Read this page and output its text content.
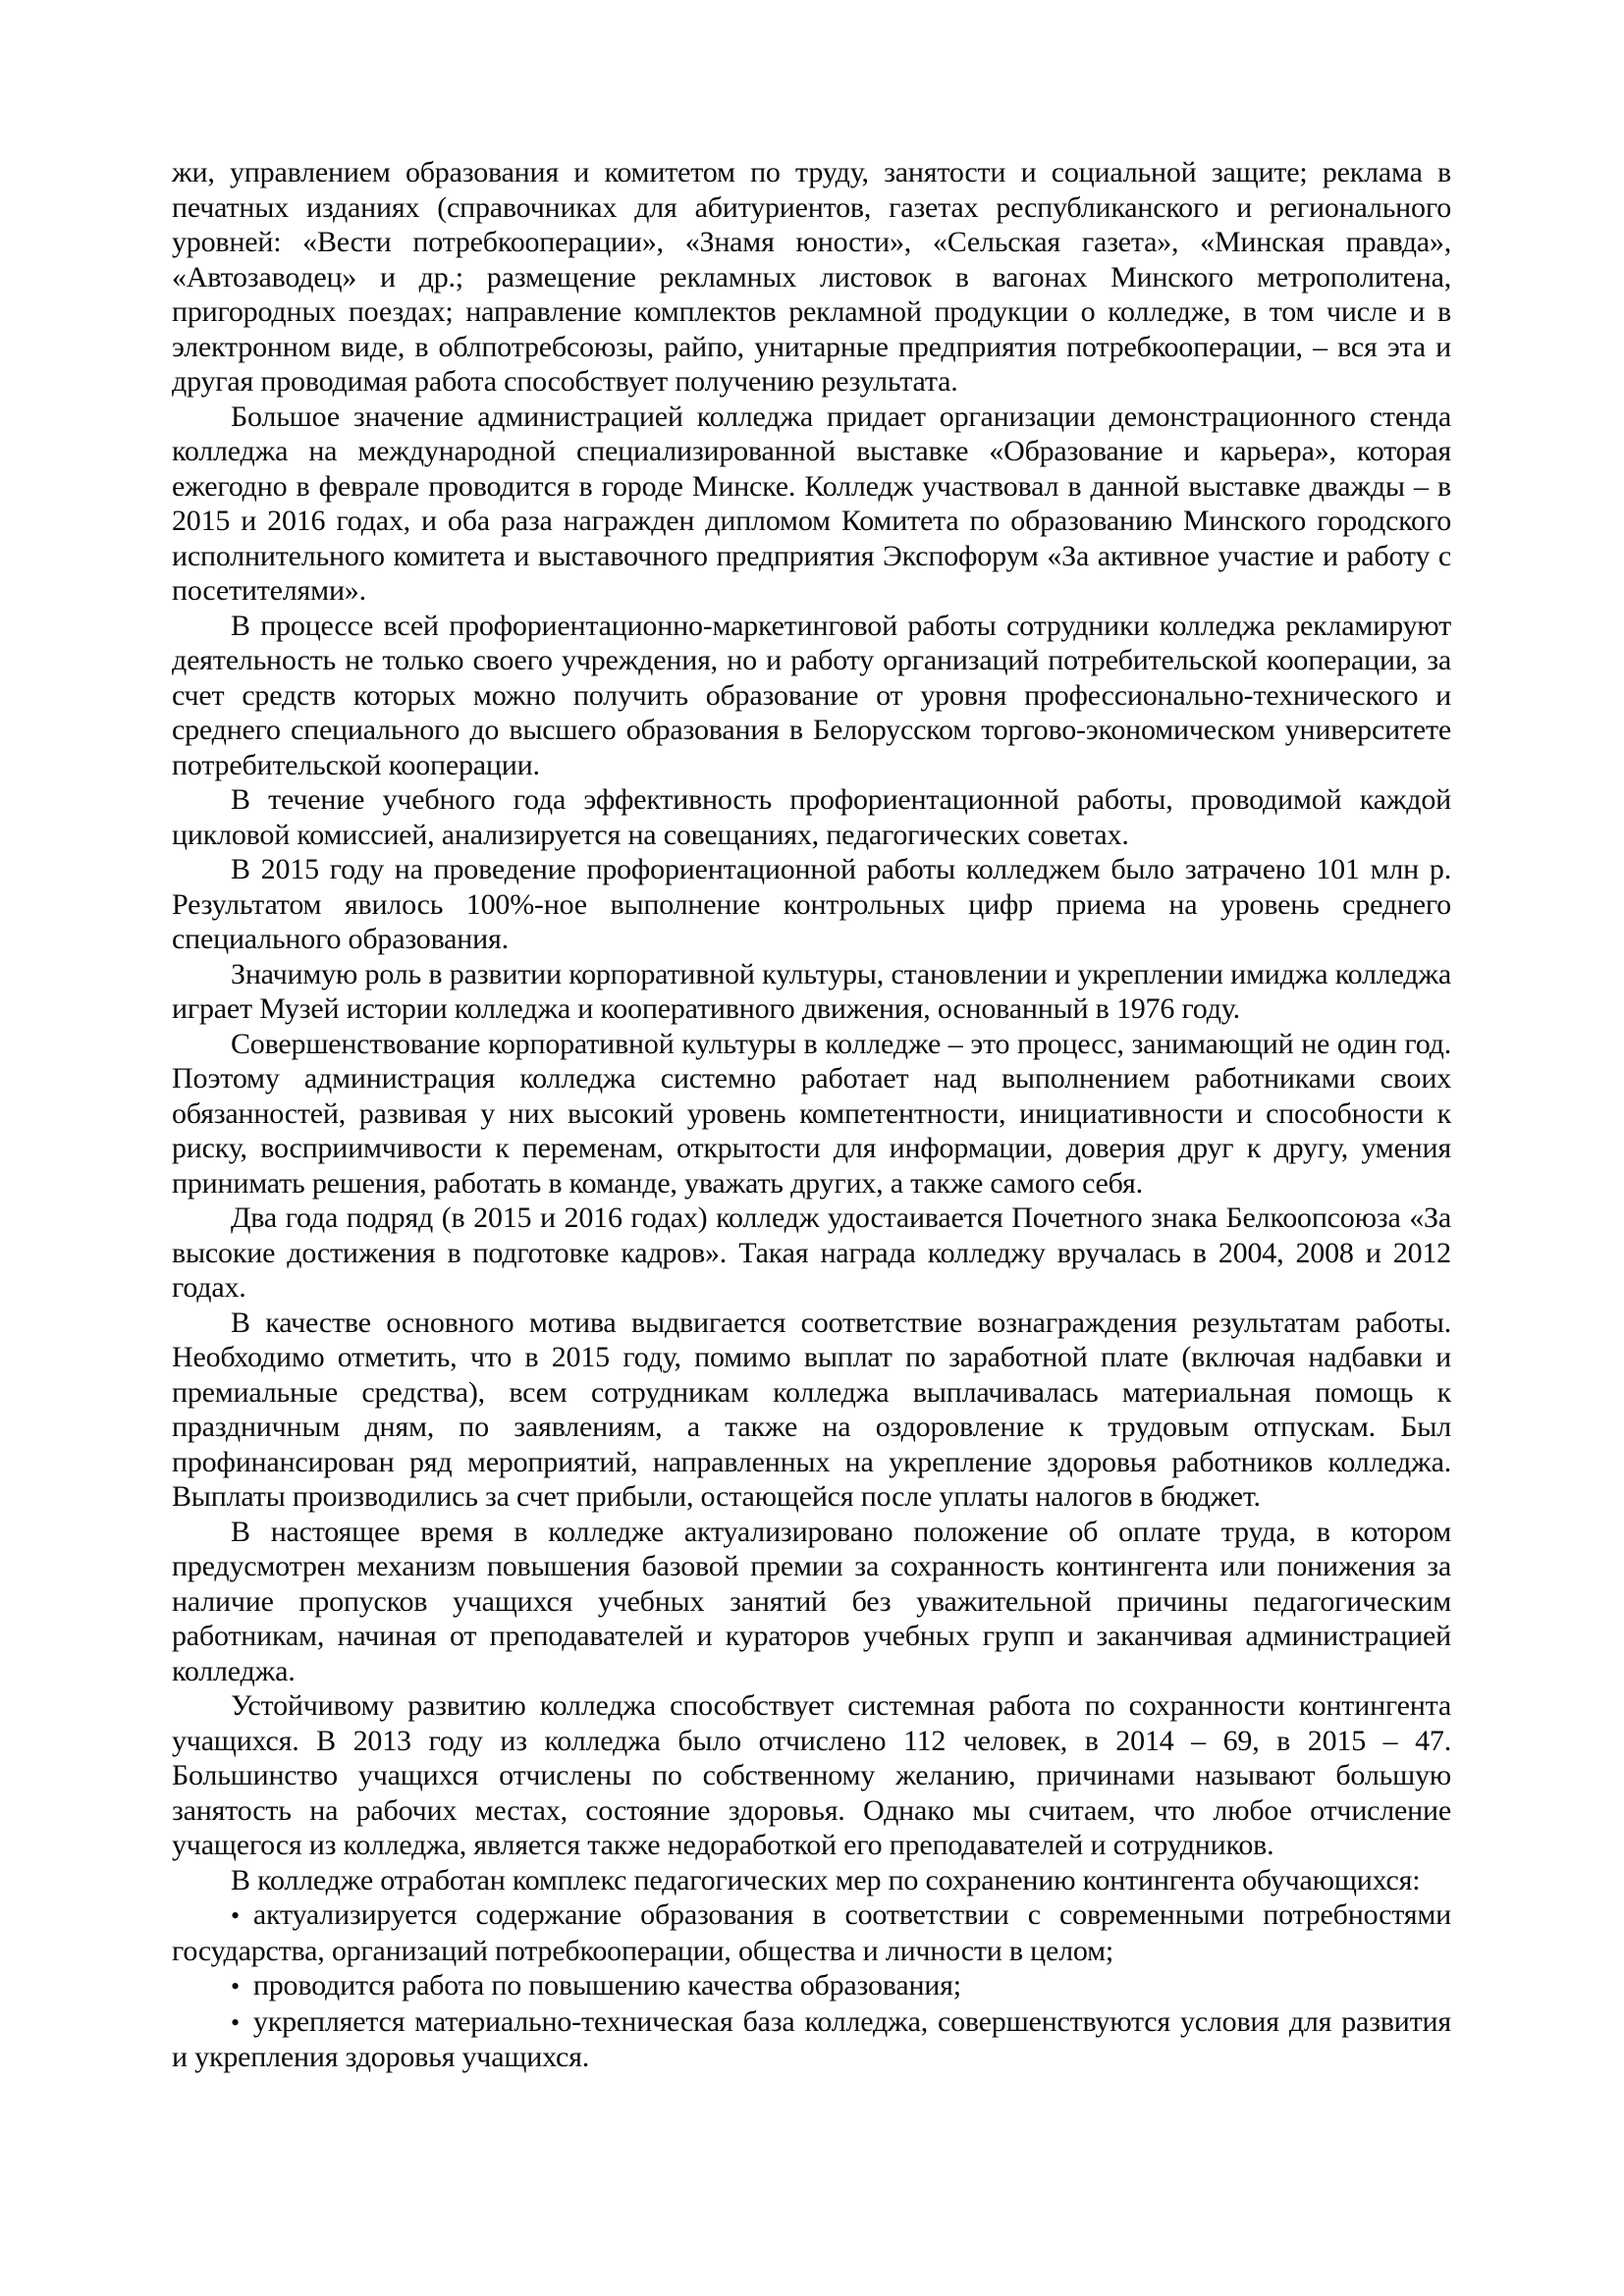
жи, управлением образования и комитетом по труду, занятости и социальной защите; реклама в печатных изданиях (справочниках для абитуриентов, газетах республиканского и регионального уровней: «Вести потребкооперации», «Знамя юности», «Сельская газета», «Минская правда», «Автозаводец» и др.; размещение рекламных листовок в вагонах Минского метрополитена, пригородных поездах; направление комплектов рекламной продукции о колледже, в том числе и в электронном виде, в облпотребсоюзы, райпо, унитарные предприятия потребкооперации, – вся эта и другая проводимая работа способствует получению результата.

Большое значение администрацией колледжа придает организации демонстрационного стенда колледжа на международной специализированной выставке «Образование и карьера», которая ежегодно в феврале проводится в городе Минске. Колледж участвовал в данной выставке дважды – в 2015 и 2016 годах, и оба раза награжден дипломом Комитета по образованию Минского городского исполнительного комитета и выставочного предприятия Экспофорум «За активное участие и работу с посетителями».

В процессе всей профориентационно-маркетинговой работы сотрудники колледжа рекламируют деятельность не только своего учреждения, но и работу организаций потребительской кооперации, за счет средств которых можно получить образование от уровня профессионально-технического и среднего специального до высшего образования в Белорусском торгово-экономическом университете потребительской кооперации.

В течение учебного года эффективность профориентационной работы, проводимой каждой цикловой комиссией, анализируется на совещаниях, педагогических советах.

В 2015 году на проведение профориентационной работы колледжем было затрачено 101 млн р. Результатом явилось 100%-ное выполнение контрольных цифр приема на уровень среднего специального образования.

Значимую роль в развитии корпоративной культуры, становлении и укреплении имиджа колледжа играет Музей истории колледжа и кооперативного движения, основанный в 1976 году.

Совершенствование корпоративной культуры в колледже – это процесс, занимающий не один год. Поэтому администрация колледжа системно работает над выполнением работниками своих обязанностей, развивая у них высокий уровень компетентности, инициативности и способности к риску, восприимчивости к переменам, открытости для информации, доверия друг к другу, умения принимать решения, работать в команде, уважать других, а также самого себя.

Два года подряд (в 2015 и 2016 годах) колледж удостаивается Почетного знака Белкоопсоюза «За высокие достижения в подготовке кадров». Такая награда колледжу вручалась в 2004, 2008 и 2012 годах.

В качестве основного мотива выдвигается соответствие вознаграждения результатам работы. Необходимо отметить, что в 2015 году, помимо выплат по заработной плате (включая надбавки и премиальные средства), всем сотрудникам колледжа выплачивалась материальная помощь к праздничным дням, по заявлениям, а также на оздоровление к трудовым отпускам. Был профинансирован ряд мероприятий, направленных на укрепление здоровья работников колледжа. Выплаты производились за счет прибыли, остающейся после уплаты налогов в бюджет.

В настоящее время в колледже актуализировано положение об оплате труда, в котором предусмотрен механизм повышения базовой премии за сохранность контингента или понижения за наличие пропусков учащихся учебных занятий без уважительной причины педагогическим работникам, начиная от преподавателей и кураторов учебных групп и заканчивая администрацией колледжа.

Устойчивому развитию колледжа способствует системная работа по сохранности контингента учащихся. В 2013 году из колледжа было отчислено 112 человек, в 2014 – 69, в 2015 – 47. Большинство учащихся отчислены по собственному желанию, причинами называют большую занятость на рабочих местах, состояние здоровья. Однако мы считаем, что любое отчисление учащегося из колледжа, является также недоработкой его преподавателей и сотрудников.

В колледже отработан комплекс педагогических мер по сохранению контингента обучающихся:

• актуализируется содержание образования в соответствии с современными потребностями государства, организаций потребкооперации, общества и личности в целом;

• проводится работа по повышению качества образования;

• укрепляется материально-техническая база колледжа, совершенствуются условия для развития и укрепления здоровья учащихся.
